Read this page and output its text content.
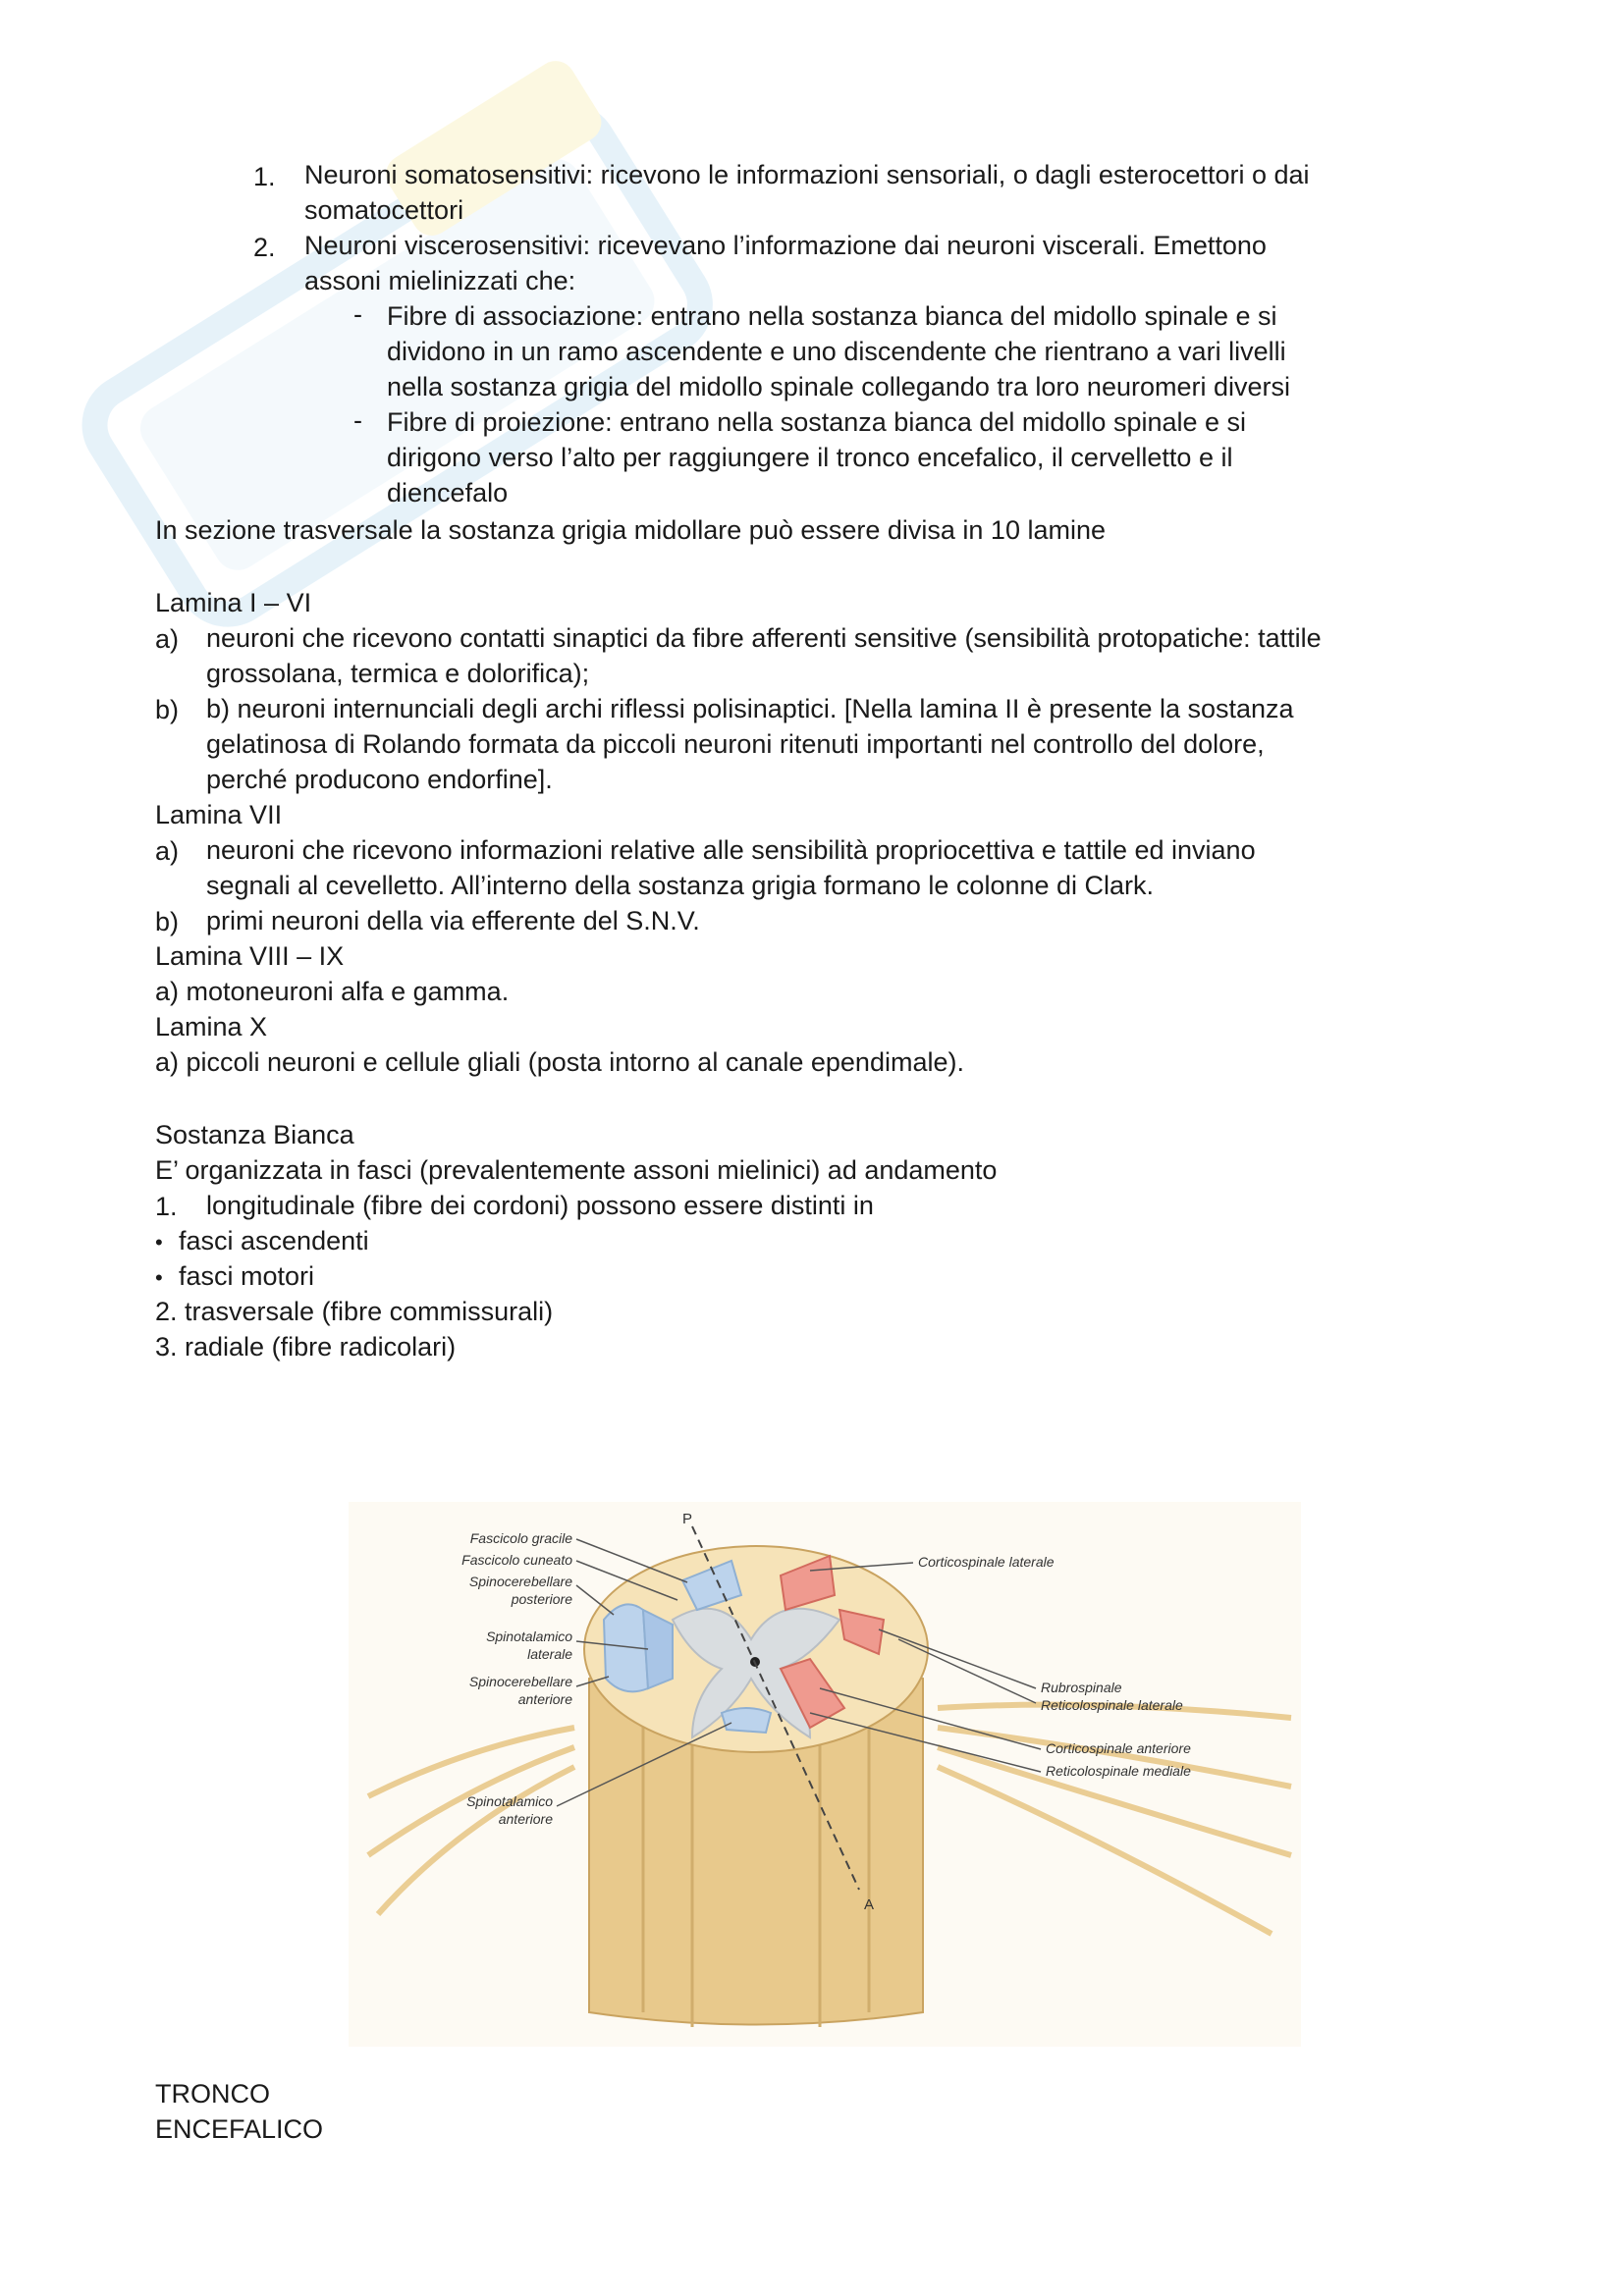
1. Neuroni somatosensitivi: ricevono le informazioni sensoriali, o dagli esterocettori o dai
somatocettori
2. Neuroni viscerosensitivi: ricevevano l’informazione dai neuroni viscerali. Emettono
assoni mielinizzati che:
- Fibre di associazione: entrano nella sostanza bianca del midollo spinale e si
dividono in un ramo ascendente e uno discendente che rientrano a vari livelli
nella sostanza grigia del midollo spinale collegando tra loro neuromeri diversi
- Fibre di proiezione: entrano nella sostanza bianca del midollo spinale e si
dirigono verso l’alto per raggiungere il tronco encefalico, il cervelletto e il
diencefalo
In sezione trasversale la sostanza grigia midollare può essere divisa in 10 lamine
Lamina I – VI
a) neuroni che ricevono contatti sinaptici da fibre afferenti sensitive (sensibilità protopatiche: tattile
grossolana, termica e dolorifica);
b) b) neuroni internunciali degli archi riflessi polisinaptici. [Nella lamina II è presente la sostanza
gelatinosa di Rolando formata da piccoli neuroni ritenuti importanti nel controllo del dolore,
perché producono endorfine].
Lamina VII
a) neuroni che ricevono informazioni relative alle sensibilità propriocettiva e tattile ed inviano
segnali al cevelletto. All’interno della sostanza grigia formano le colonne di Clark.
b) primi neuroni della via efferente del S.N.V.
Lamina VIII – IX
a) motoneuroni alfa e gamma.
Lamina X
a) piccoli neuroni e cellule gliali (posta intorno al canale ependimale).
Sostanza Bianca
E’ organizzata in fasci (prevalentemente assoni mielinici) ad andamento
1. longitudinale (fibre dei cordoni) possono essere distinti in
• fasci ascendenti
• fasci motori
2. trasversale (fibre commissurali)
3. radiale (fibre radicolari)
P
A
Fascicolo gracile
Fascicolo cuneato
Spinocerebellare
posteriore
Spinotalamico
laterale
Spinocerebellare
anteriore
Spinotalamico
anteriore
Corticospinale laterale
Rubrospinale
Reticolospinale laterale
Corticospinale anteriore
Reticolospinale mediale
TRONCO
ENCEFALICO
